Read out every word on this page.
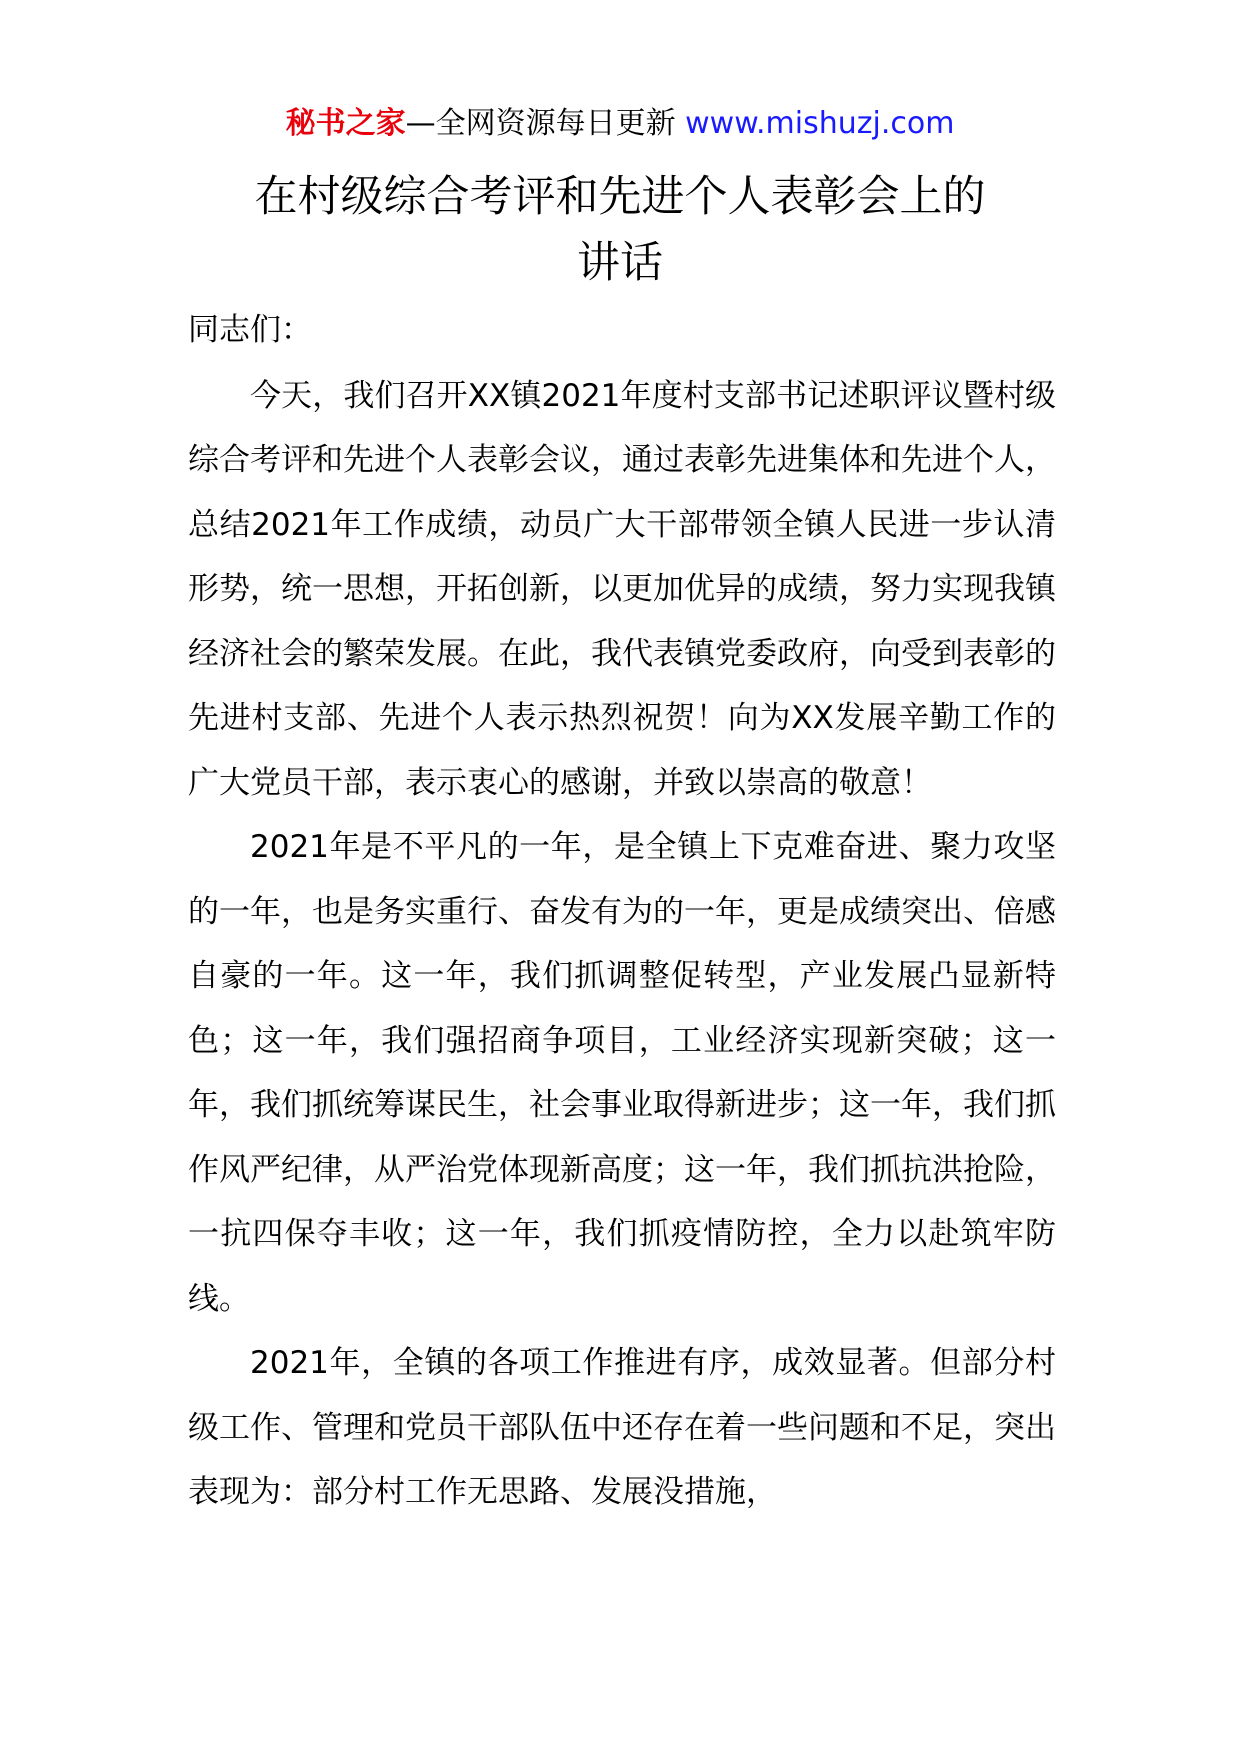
秘书之家—全网资源每日更新 www.mishuzj.com
在村级综合考评和先进个人表彰会上的
讲话

同志们：

今天，我们召开XX镇2021年度村支部书记述职评议暨村级综合考评和先进个人表彰会议，通过表彰先进集体和先进个人，总结2021年工作成绩，动员广大干部带领全镇人民进一步认清形势，统一思想，开拓创新，以更加优异的成绩，努力实现我镇经济社会的繁荣发展。在此，我代表镇党委政府，向受到表彰的先进村支部、先进个人表示热烈祝贺！向为XX发展辛勤工作的广大党员干部，表示衷心的感谢，并致以崇高的敬意！

2021年是不平凡的一年，是全镇上下克难奋进、聚力攻坚的一年，也是务实重行、奋发有为的一年，更是成绩突出、倍感自豪的一年。这一年，我们抓调整促转型，产业发展凸显新特色；这一年，我们强招商争项目，工业经济实现新突破；这一年，我们抓统筹谋民生，社会事业取得新进步；这一年，我们抓作风严纪律，从严治党体现新高度；这一年，我们抓抗洪抢险，一抗四保夺丰收；这一年，我们抓疫情防控，全力以赴筑牢防线。

2021年，全镇的各项工作推进有序，成效显著。但部分村级工作、管理和党员干部队伍中还存在着一些问题和不足，突出表现为：部分村工作无思路、发展没措施，
